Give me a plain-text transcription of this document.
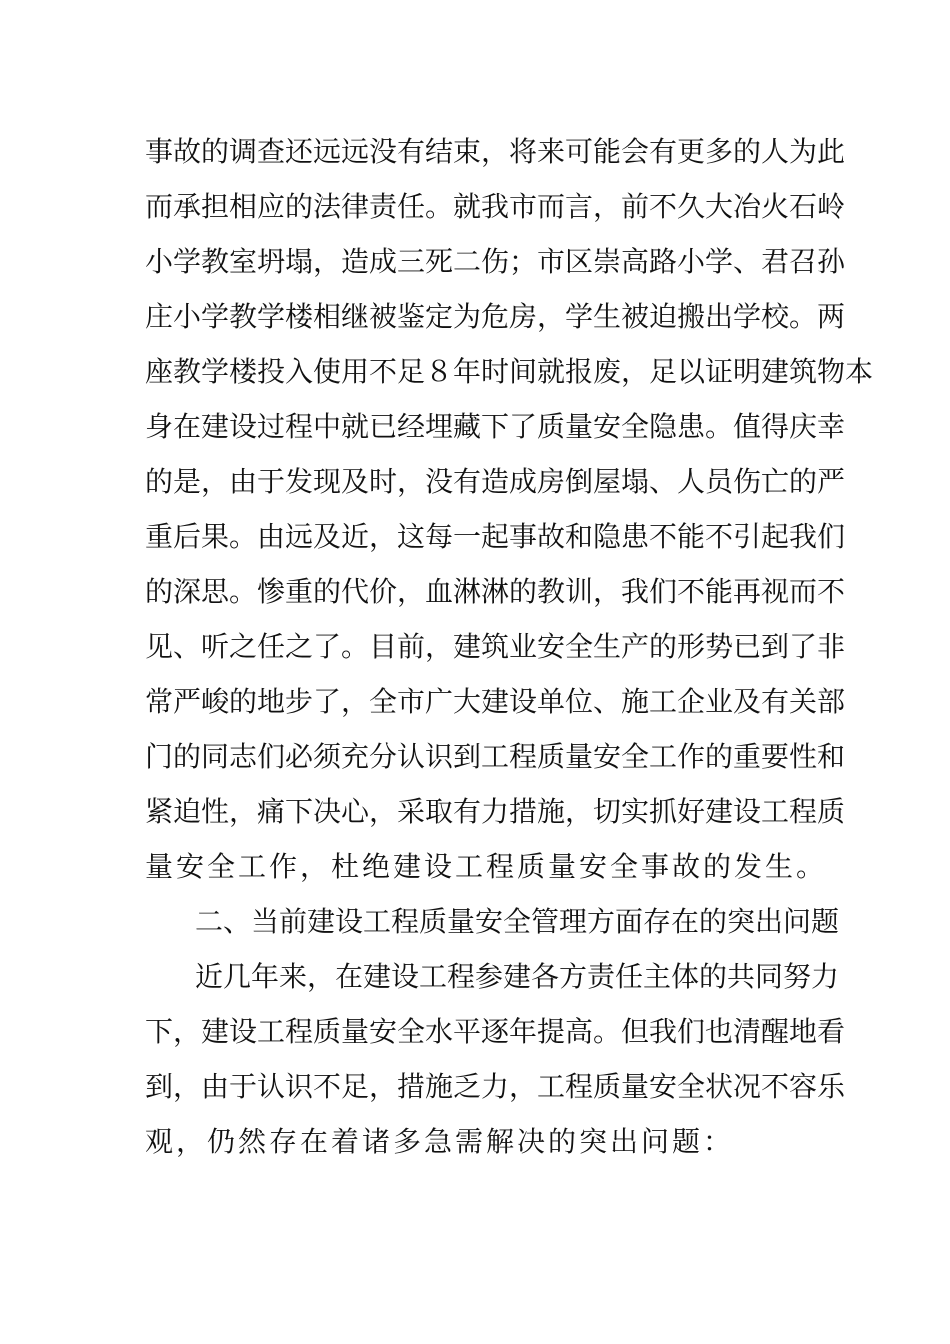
事故的调查还远远没有结束，将来可能会有更多的人为此
而承担相应的法律责任。就我市而言，前不久大冶火石岭
小学教室坍塌，造成三死二伤；市区崇高路小学、君召孙
庄小学教学楼相继被鉴定为危房，学生被迫搬出学校。两
座教学楼投入使用不足８年时间就报废，足以证明建筑物本
身在建设过程中就已经埋藏下了质量安全隐患。值得庆幸
的是，由于发现及时，没有造成房倒屋塌、人员伤亡的严
重后果。由远及近，这每一起事故和隐患不能不引起我们
的深思。惨重的代价，血淋淋的教训，我们不能再视而不
见、听之任之了。目前，建筑业安全生产的形势已到了非
常严峻的地步了，全市广大建设单位、施工企业及有关部
门的同志们必须充分认识到工程质量安全工作的重要性和
紧迫性，痛下决心，采取有力措施，切实抓好建设工程质
量安全工作，杜绝建设工程质量安全事故的发生。
二、当前建设工程质量安全管理方面存在的突出问题
近几年来，在建设工程参建各方责任主体的共同努力
下，建设工程质量安全水平逐年提高。但我们也清醒地看
到，由于认识不足，措施乏力，工程质量安全状况不容乐
观，仍然存在着诸多急需解决的突出问题：
